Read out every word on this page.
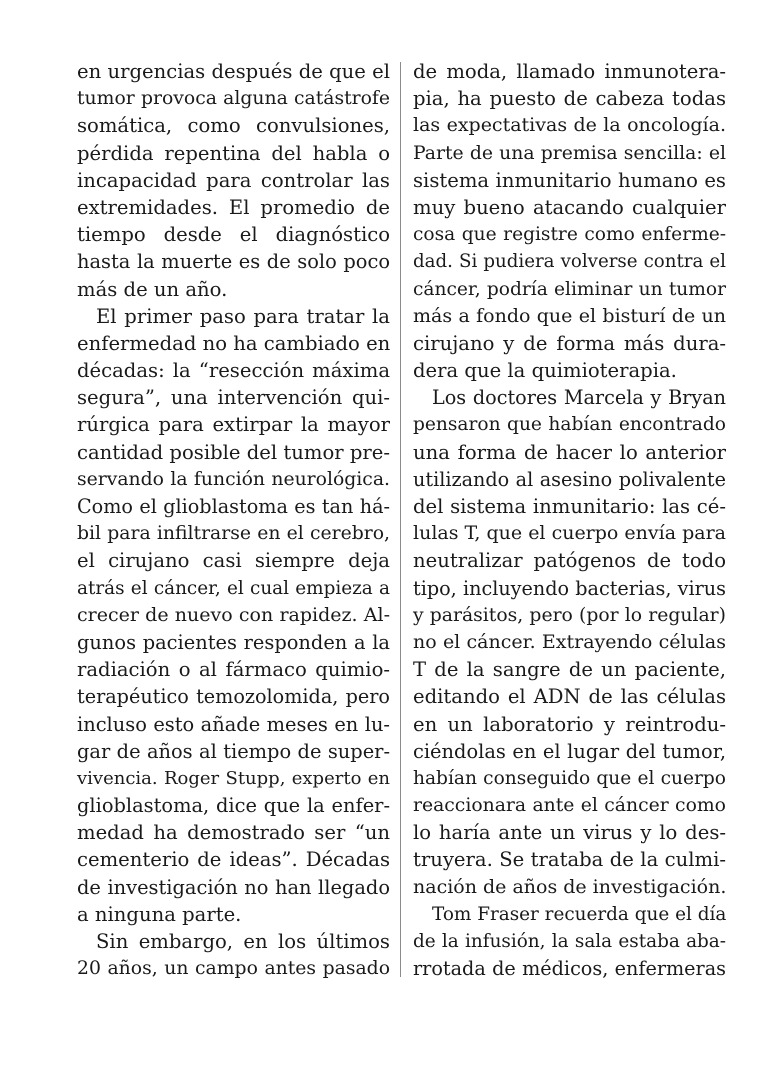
en urgencias después de que el
tumor provoca alguna catástrofe
somática, como convulsiones,
pérdida repentina del habla o
incapacidad para controlar las
extremidades. El promedio de
tiempo desde el diagnóstico
hasta la muerte es de solo poco
más de un año.
El primer paso para tratar la
enfermedad no ha cambiado en
décadas: la “resección máxima
segura”, una intervención qui-
rúrgica para extirpar la mayor
cantidad posible del tumor pre-
servando la función neurológica.
Como el glioblastoma es tan há-
bil para infiltrarse en el cerebro,
el cirujano casi siempre deja
atrás el cáncer, el cual empieza a
crecer de nuevo con rapidez. Al-
gunos pacientes responden a la
radiación o al fármaco quimio-
terapéutico temozolomida, pero
incluso esto añade meses en lu-
gar de años al tiempo de super-
vivencia. Roger Stupp, experto en
glioblastoma, dice que la enfer-
medad ha demostrado ser “un
cementerio de ideas”. Décadas
de investigación no han llegado
a ninguna parte.
Sin embargo, en los últimos
20 años, un campo antes pasado
de moda, llamado inmunotera-
pia, ha puesto de cabeza todas
las expectativas de la oncología.
Parte de una premisa sencilla: el
sistema inmunitario humano es
muy bueno atacando cualquier
cosa que registre como enfermе-
dad. Si pudiera volverse contra el
cáncer, podría eliminar un tumor
más a fondo que el bisturí de un
cirujano y de forma más dura-
dera que la quimioterapia.
Los doctores Marcela y Bryan
pensaron que habían encontrado
una forma de hacer lo anterior
utilizando al asesino polivalente
del sistema inmunitario: las cé-
lulas T, que el cuerpo envía para
neutralizar patógenos de todo
tipo, incluyendo bacterias, virus
y parásitos, pero (por lo regular)
no el cáncer. Extrayendo células
T de la sangre de un paciente,
editando el ADN de las células
en un laboratorio y reintrodu-
ciéndolas en el lugar del tumor,
habían conseguido que el cuerpo
reaccionara ante el cáncer como
lo haría ante un virus y lo des-
truyera. Se trataba de la culmi-
nación de años de investigación.
Tom Fraser recuerda que el día
de la infusión, la sala estaba aba-
rrotada de médicos, enfermeras
